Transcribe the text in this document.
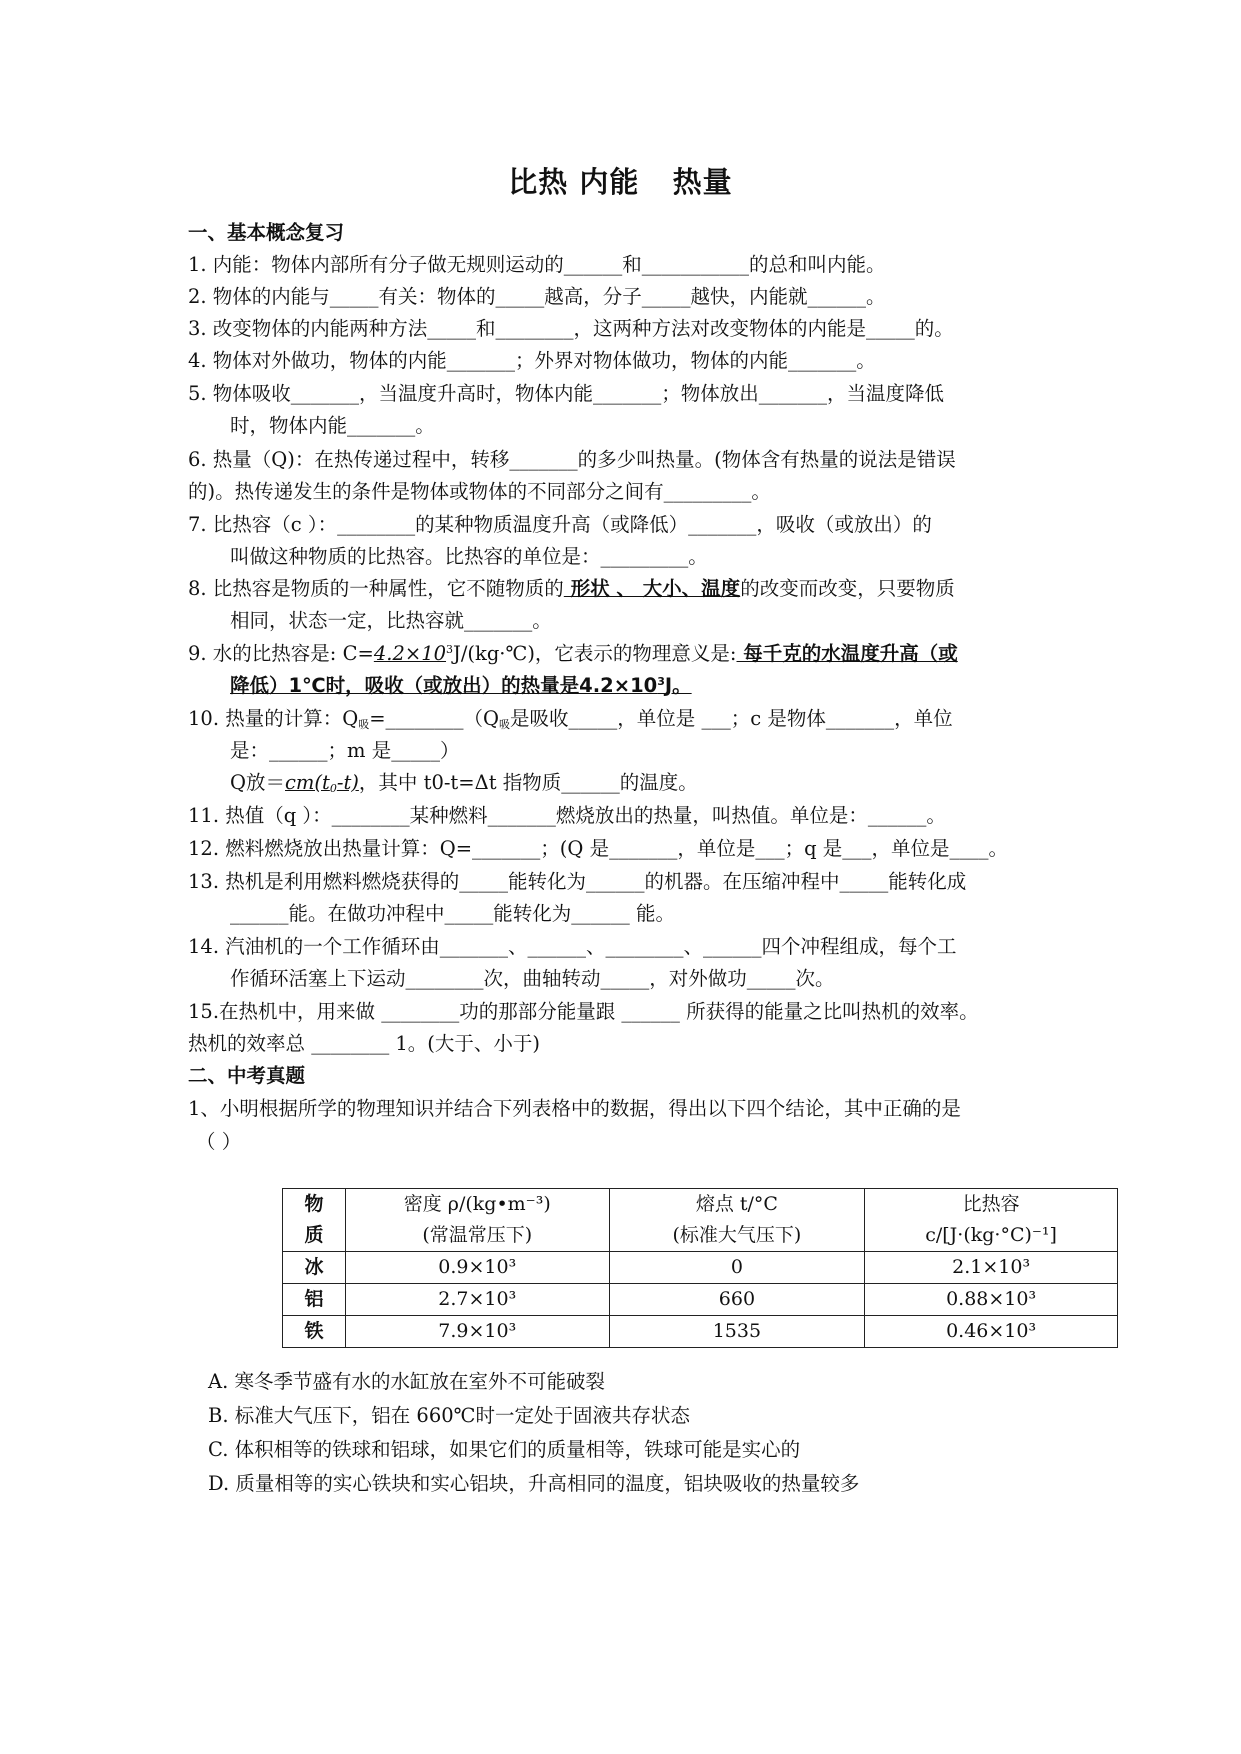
比热 内能   热量
一、基本概念复习
1. 内能：物体内部所有分子做无规则运动的______和___________的总和叫内能。
2. 物体的内能与_____有关：物体的_____越高，分子_____越快，内能就______。
3. 改变物体的内能两种方法_____和________，这两种方法对改变物体的内能是_____的。
4. 物体对外做功，物体的内能_______；外界对物体做功，物体的内能_______。
5. 物体吸收_______，当温度升高时，物体内能_______；物体放出_______，当温度降低
时，物体内能_______。
6. 热量（Q)：在热传递过程中，转移_______的多少叫热量。(物体含有热量的说法是错误
的)。热传递发生的条件是物体或物体的不同部分之间有_________。
7. 比热容（c ）：________的某种物质温度升高（或降低）_______，吸收（或放出）的
叫做这种物质的比热容。比热容的单位是：_________。
8. 比热容是物质的一种属性，它不随物质的 形状 、 大小、温度的改变而改变，只要物质
相同，状态一定，比热容就_______。
9. 水的比热容是: $C=4.2\times 10^3J/(kg\cdot℃)$，它表示的物理意义是: 每千克的水温度升高（或
降低）1℃时，吸收（或放出）的热量是$4.2\times 10^3J$。
10. 热量的计算：$Q_吸=\_\_\_\_\_\_\_\_(Q_吸$是吸收_____，单位是 ___；c 是物体_______，单位
是：______；m 是_____）
Q放$=cm(t_0-t)$，其中 t0-t=Δt 指物质______的温度。
11. 热值（q ）：________某种燃料_______燃烧放出的热量，叫热值。单位是：______。
12. 燃料燃烧放出热量计算：Q=_______；(Q 是_______，单位是___；q 是___，单位是____。
13. 热机是利用燃料燃烧获得的_____能转化为______的机器。在压缩冲程中_____能转化成
______能。在做功冲程中_____能转化为______ 能。
14. 汽油机的一个工作循环由_______、______、________、______四个冲程组成，每个工
作循环活塞上下运动________次，曲轴转动_____，对外做功_____次。
15.在热机中，用来做 ________功的那部分能量跟 ______ 所获得的能量之比叫热机的效率。
热机的效率总 ________ 1。(大于、小于)
二、中考真题
1、小明根据所学的物理知识并结合下列表格中的数据，得出以下四个结论，其中正确的是
（ ）
物	密度 ρ/(kg•m⁻³)	熔点 t/°C	比热容
质	(常温常压下)	(标准大气压下)	c/[J·(kg·°C)⁻¹]
冰	0.9×10³	0	2.1×10³
铝	2.7×10³	660	0.88×10³
铁	7.9×10³	1535	0.46×10³
A. 寒冬季节盛有水的水缸放在室外不可能破裂
B. 标准大气压下，铝在 660℃时一定处于固液共存状态
C. 体积相等的铁球和铝球，如果它们的质量相等，铁球可能是实心的
D. 质量相等的实心铁块和实心铝块，升高相同的温度，铝块吸收的热量较多
